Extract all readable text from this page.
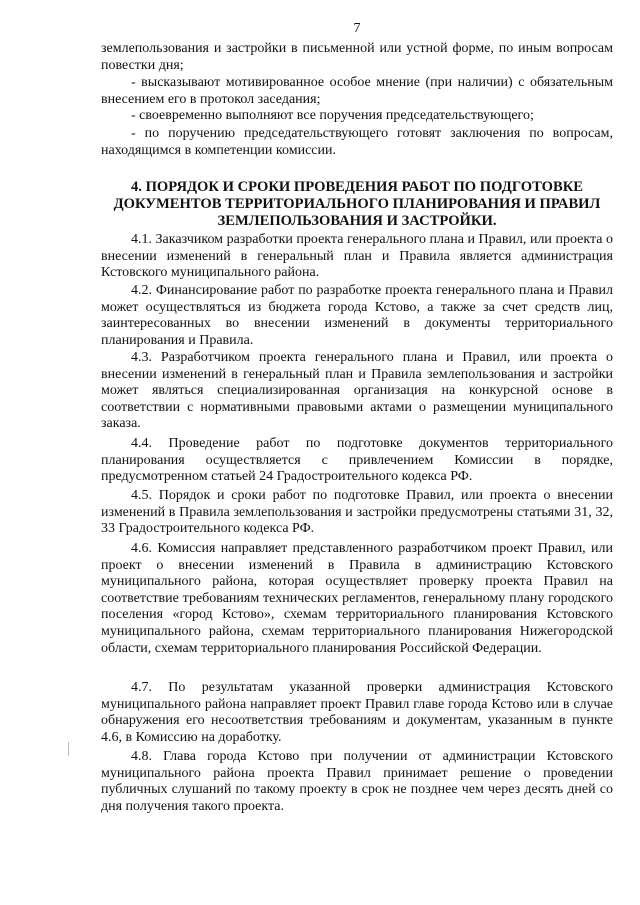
7

землепользования и застройки в письменной или устной форме, по иным вопросам повестки дня;

- высказывают мотивированное особое мнение (при наличии) с обязательным внесением его в протокол заседания;

- своевременно выполняют все поручения председательствующего;

- по поручению председательствующего готовят заключения по вопросам, находящимся в компетенции комиссии.

4. ПОРЯДОК И СРОКИ ПРОВЕДЕНИЯ РАБОТ ПО ПОДГОТОВКЕ ДОКУМЕНТОВ ТЕРРИТОРИАЛЬНОГО ПЛАНИРОВАНИЯ И ПРАВИЛ ЗЕМЛЕПОЛЬЗОВАНИЯ И ЗАСТРОЙКИ.

4.1. Заказчиком разработки проекта генерального плана и Правил, или проекта о внесении изменений в генеральный план и Правила является администрация Кстовского муниципального района.

4.2. Финансирование работ по разработке проекта генерального плана и Правил может осуществляться из бюджета города Кстово, а также за счет средств лиц, заинтересованных во внесении изменений в документы территориального планирования и Правила.

4.3. Разработчиком проекта генерального плана и Правил, или проекта о внесении изменений в генеральный план и Правила землепользования и застройки может являться специализированная организация на конкурсной основе в соответствии с нормативными правовыми актами о размещении муниципального заказа.

4.4. Проведение работ по подготовке документов территориального планирования осуществляется с привлечением Комиссии в порядке, предусмотренном статьей 24 Градостроительного кодекса РФ.

4.5. Порядок и сроки работ по подготовке Правил, или проекта о внесении изменений в Правила землепользования и застройки предусмотрены статьями 31, 32, 33 Градостроительного кодекса РФ.

4.6. Комиссия направляет представленного разработчиком проект Правил, или проект о внесении изменений в Правила в администрацию Кстовского муниципального района, которая осуществляет проверку проекта Правил на соответствие требованиям технических регламентов, генеральному плану городского поселения «город Кстово», схемам территориального планирования Кстовского муниципального района, схемам территориального планирования Нижегородской области, схемам территориального планирования Российской Федерации.

4.7. По результатам указанной проверки администрация Кстовского муниципального района направляет проект Правил главе города Кстово или в случае обнаружения его несоответствия требованиям и документам, указанным в пункте 4.6, в Комиссию на доработку.

4.8. Глава города Кстово при получении от администрации Кстовского муниципального района проекта Правил принимает решение о проведении публичных слушаний по такому проекту в срок не позднее чем через десять дней со дня получения такого проекта.
